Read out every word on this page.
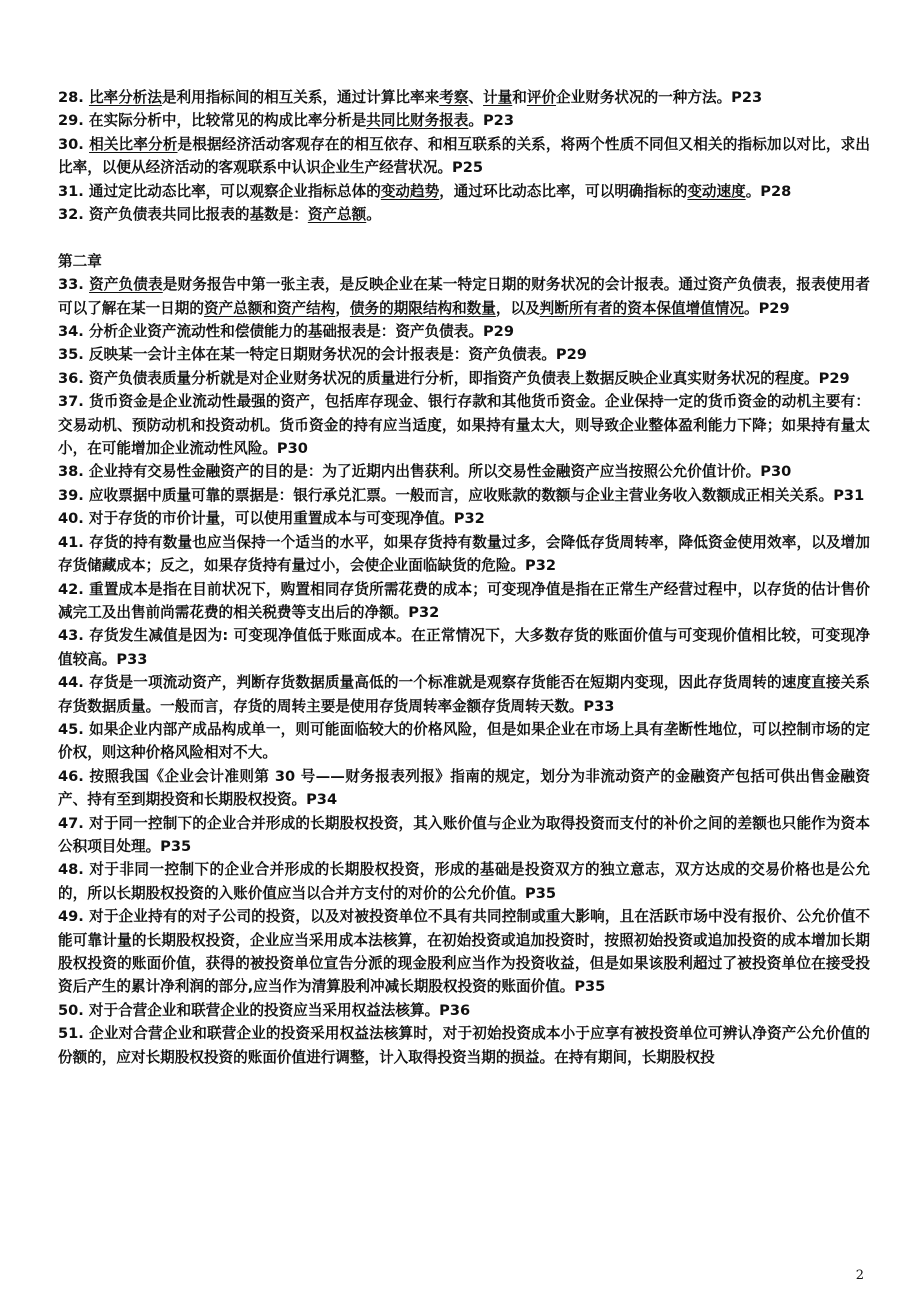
28. 比率分析法是利用指标间的相互关系，通过计算比率来考察、计量和评价企业财务状况的一种方法。P23

29. 在实际分析中，比较常见的构成比率分析是共同比财务报表。P23

30. 相关比率分析是根据经济活动客观存在的相互依存、和相互联系的关系，将两个性质不同但又相关的指标加以对比，求出比率，以便从经济活动的客观联系中认识企业生产经营状况。P25

31. 通过定比动态比率，可以观察企业指标总体的变动趋势，通过环比动态比率，可以明确指标的变动速度。P28

32. 资产负债表共同比报表的基数是：资产总额。

第二章

33. 资产负债表是财务报告中第一张主表，是反映企业在某一特定日期的财务状况的会计报表。通过资产负债表，报表使用者可以了解在某一日期的资产总额和资产结构，债务的期限结构和数量，以及判断所有者的资本保值增值情况。P29

34. 分析企业资产流动性和偿债能力的基础报表是：资产负债表。P29

35. 反映某一会计主体在某一特定日期财务状况的会计报表是：资产负债表。P29

36. 资产负债表质量分析就是对企业财务状况的质量进行分析，即指资产负债表上数据反映企业真实财务状况的程度。P29

37. 货币资金是企业流动性最强的资产，包括库存现金、银行存款和其他货币资金。企业保持一定的货币资金的动机主要有：交易动机、预防动机和投资动机。货币资金的持有应当适度，如果持有量太大，则导致企业整体盈利能力下降；如果持有量太小，在可能增加企业流动性风险。P30

38. 企业持有交易性金融资产的目的是：为了近期内出售获利。所以交易性金融资产应当按照公允价值计价。P30

39. 应收票据中质量可靠的票据是：银行承兑汇票。一般而言，应收账款的数额与企业主营业务收入数额成正相关关系。P31

40. 对于存货的市价计量，可以使用重置成本与可变现净值。P32

41. 存货的持有数量也应当保持一个适当的水平，如果存货持有数量过多，会降低存货周转率，降低资金使用效率，以及增加存货储藏成本；反之，如果存货持有量过小，会使企业面临缺货的危险。P32

42. 重置成本是指在目前状况下，购置相同存货所需花费的成本；可变现净值是指在正常生产经营过程中，以存货的估计售价减完工及出售前尚需花费的相关税费等支出后的净额。P32

43. 存货发生减值是因为: 可变现净值低于账面成本。在正常情况下，大多数存货的账面价值与可变现价值相比较，可变现净值较高。P33

44. 存货是一项流动资产，判断存货数据质量高低的一个标准就是观察存货能否在短期内变现，因此存货周转的速度直接关系存货数据质量。一般而言，存货的周转主要是使用存货周转率金额存货周转天数。P33

45. 如果企业内部产成品构成单一，则可能面临较大的价格风险，但是如果企业在市场上具有垄断性地位，可以控制市场的定价权，则这种价格风险相对不大。

46. 按照我国《企业会计准则第 30 号——财务报表列报》指南的规定，划分为非流动资产的金融资产包括可供出售金融资产、持有至到期投资和长期股权投资。P34

47. 对于同一控制下的企业合并形成的长期股权投资，其入账价值与企业为取得投资而支付的补价之间的差额也只能作为资本公积项目处理。P35

48. 对于非同一控制下的企业合并形成的长期股权投资，形成的基础是投资双方的独立意志，双方达成的交易价格也是公允的，所以长期股权投资的入账价值应当以合并方支付的对价的公允价值。P35

49. 对于企业持有的对子公司的投资，以及对被投资单位不具有共同控制或重大影响，且在活跃市场中没有报价、公允价值不能可靠计量的长期股权投资，企业应当采用成本法核算，在初始投资或追加投资时，按照初始投资或追加投资的成本增加长期股权投资的账面价值，获得的被投资单位宣告分派的现金股利应当作为投资收益，但是如果该股利超过了被投资单位在接受投资后产生的累计净利润的部分,应当作为清算股利冲减长期股权投资的账面价值。P35

50. 对于合营企业和联营企业的投资应当采用权益法核算。P36

51. 企业对合营企业和联营企业的投资采用权益法核算时，对于初始投资成本小于应享有被投资单位可辨认净资产公允价值的份额的，应对长期股权投资的账面价值进行调整，计入取得投资当期的损益。在持有期间，长期股权投

2
